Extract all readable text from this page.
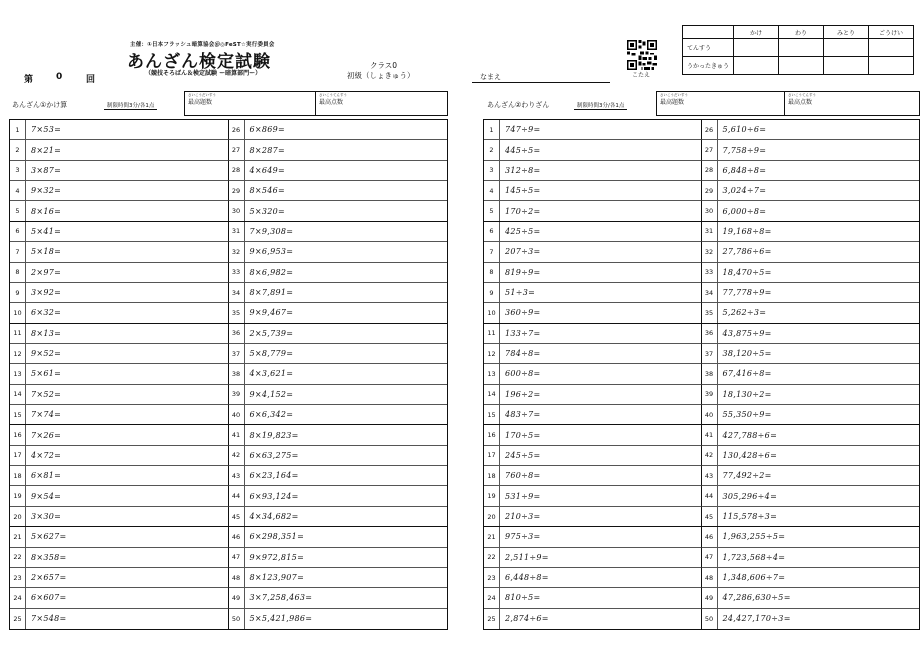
主催：①日本フラッシュ暗算協会＠◎FeST☆実行委員会
あんざん検定試験
（競技そろばん＆検定試験 ー暗算部門ー）
第	0	回
クラス0
初級（しょきゅう）	なまえ	こたえ
	かけ	わり	みとり	ごうけい
てんすう				
うかったきゅう				
あんざん①かけ算	制限時間3分/各1点
さいこうだいすう
最高題数
さいこうてんすう
最高点数
1	7×53=
2	8×21=
3	3×87=
4	9×32=
5	8×16=
6	5×41=
7	5×18=
8	2×97=
9	3×92=
10	6×32=
11	8×13=
12	9×52=
13	5×61=
14	7×52=
15	7×74=
16	7×26=
17	4×72=
18	6×81=
19	9×54=
20	3×30=
21	5×627=
22	8×358=
23	2×657=
24	6×607=
25	7×548=
26	6×869=
27	8×287=
28	4×649=
29	8×546=
30	5×320=
31	7×9,308=
32	9×6,953=
33	8×6,982=
34	8×7,891=
35	9×9,467=
36	2×5,739=
37	5×8,779=
38	4×3,621=
39	9×4,152=
40	6×6,342=
41	8×19,823=
42	6×63,275=
43	6×23,164=
44	6×93,124=
45	4×34,682=
46	6×298,351=
47	9×972,815=
48	8×123,907=
49	3×7,258,463=
50	5×5,421,986=
あんざん②わりざん	制限時間3分/各1点
さいこうだいすう
最高題数
さいこうてんすう
最高点数
1	747÷9=
2	445÷5=
3	312÷8=
4	145÷5=
5	170÷2=
6	425÷5=
7	207÷3=
8	819÷9=
9	51÷3=
10	360÷9=
11	133÷7=
12	784÷8=
13	600÷8=
14	196÷2=
15	483÷7=
16	170÷5=
17	245÷5=
18	760÷8=
19	531÷9=
20	210÷3=
21	975÷3=
22	2,511÷9=
23	6,448÷8=
24	810÷5=
25	2,874÷6=
26	5,610÷6=
27	7,758÷9=
28	6,848÷8=
29	3,024÷7=
30	6,000÷8=
31	19,168÷8=
32	27,786÷6=
33	18,470÷5=
34	77,778÷9=
35	5,262÷3=
36	43,875÷9=
37	38,120÷5=
38	67,416÷8=
39	18,130÷2=
40	55,350÷9=
41	427,788÷6=
42	130,428÷6=
43	77,492÷2=
44	305,296÷4=
45	115,578÷3=
46	1,963,255÷5=
47	1,723,568÷4=
48	1,348,606÷7=
49	47,286,630÷5=
50	24,427,170÷3=
